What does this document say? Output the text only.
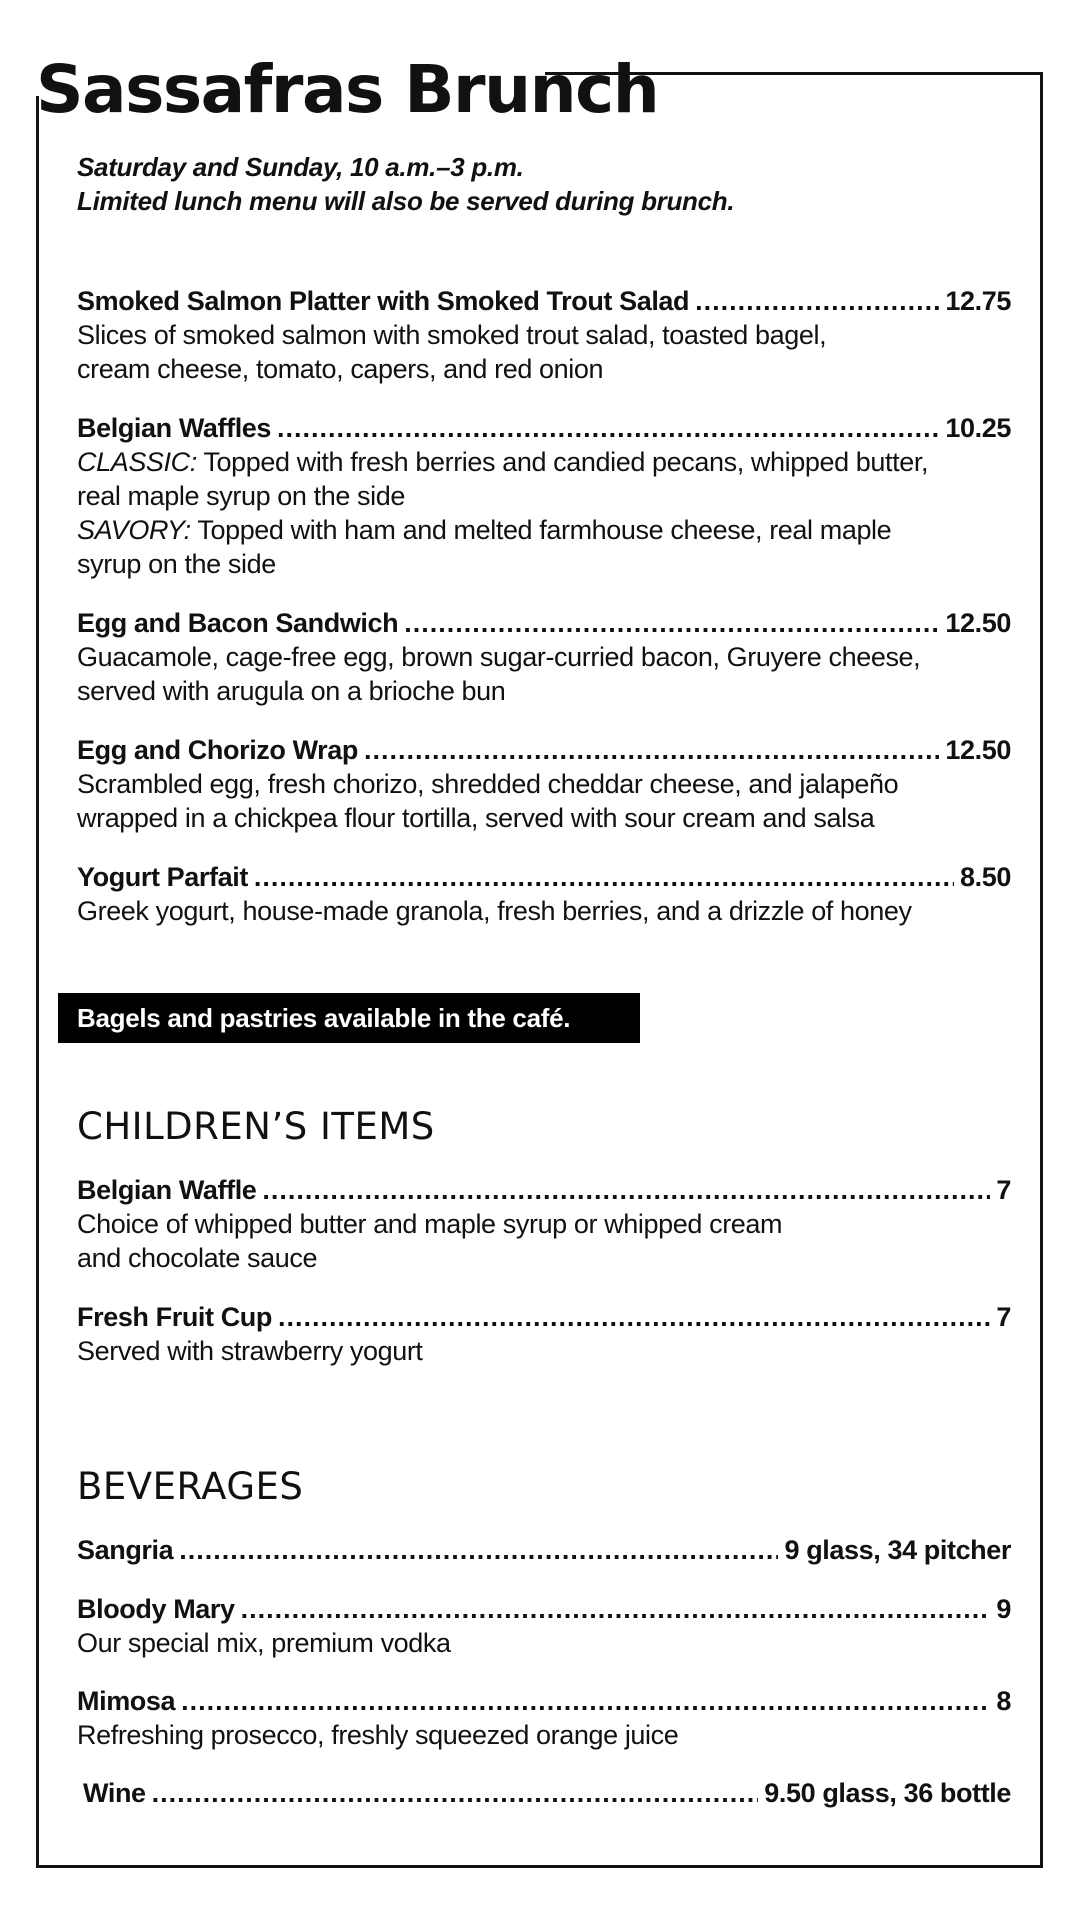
Sassafras Brunch
Saturday and Sunday, 10 a.m.–3 p.m.
Limited lunch menu will also be served during brunch.
Smoked Salmon Platter with Smoked Trout Salad .....	12.75
Slices of smoked salmon with smoked trout salad, toasted bagel,
cream cheese, tomato, capers, and red onion
Belgian Waffles .....	10.25
CLASSIC: Topped with fresh berries and candied pecans, whipped butter,
real maple syrup on the side
SAVORY: Topped with ham and melted farmhouse cheese, real maple
syrup on the side
Egg and Bacon Sandwich .....	12.50
Guacamole, cage-free egg, brown sugar-curried bacon, Gruyere cheese,
served with arugula on a brioche bun
Egg and Chorizo Wrap .....	12.50
Scrambled egg, fresh chorizo, shredded cheddar cheese, and jalapeño
wrapped in a chickpea flour tortilla, served with sour cream and salsa
Yogurt Parfait .....	8.50
Greek yogurt, house-made granola, fresh berries, and a drizzle of honey
Bagels and pastries available in the café.
CHILDREN’S ITEMS
Belgian Waffle .....	7
Choice of whipped butter and maple syrup or whipped cream
and chocolate sauce
Fresh Fruit Cup .....	7
Served with strawberry yogurt
BEVERAGES
Sangria .....	9 glass, 34 pitcher
Bloody Mary .....	9
Our special mix, premium vodka
Mimosa .....	8
Refreshing prosecco, freshly squeezed orange juice
Wine .....	9.50 glass, 36 bottle
